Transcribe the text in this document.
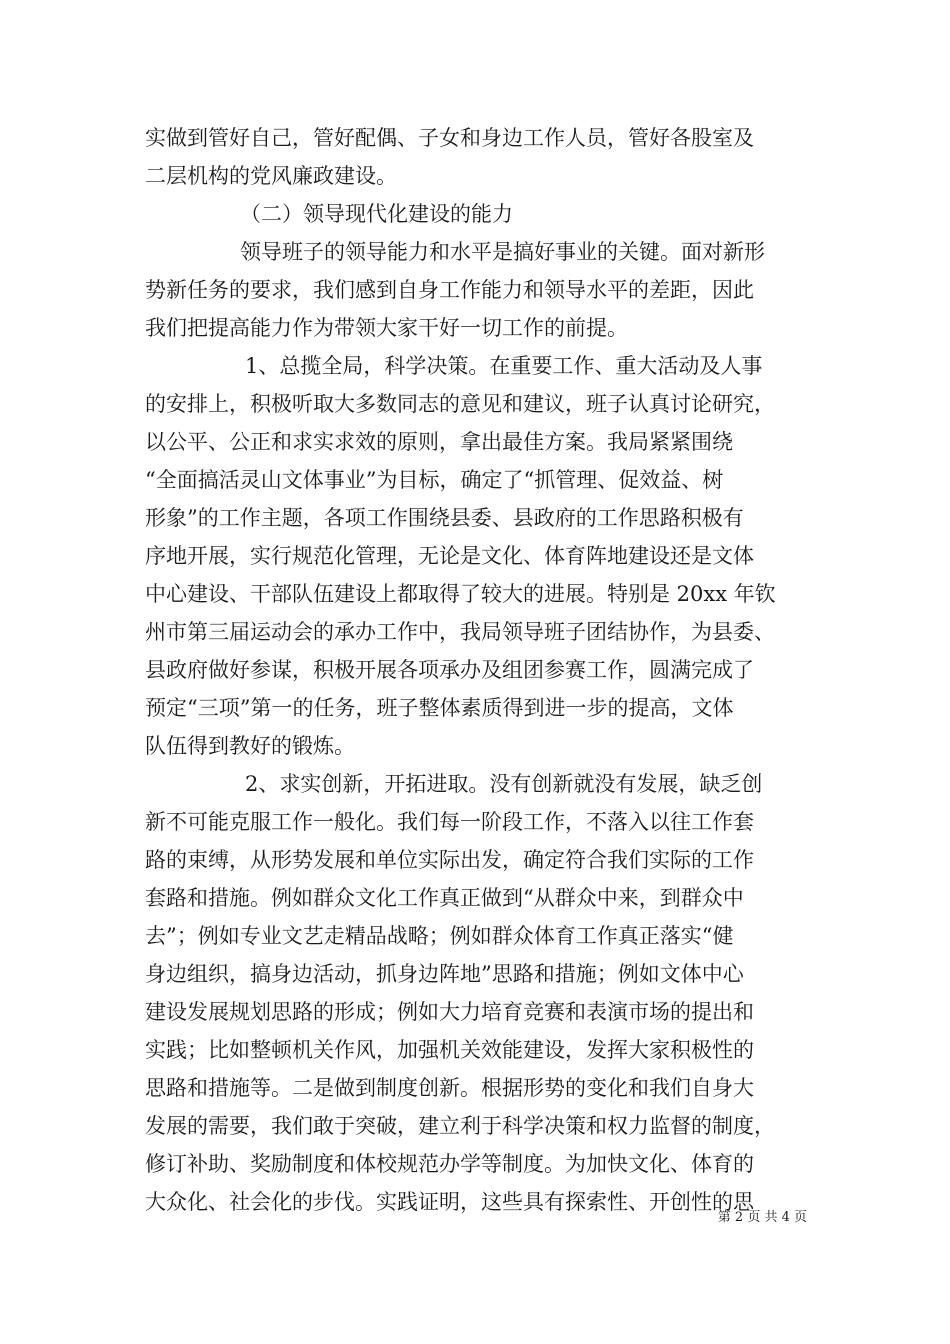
实做到管好自己，管好配偶、子女和身边工作人员，管好各股室及
二层机构的党风廉政建设。
（二）领导现代化建设的能力
领导班子的领导能力和水平是搞好事业的关键。面对新形
势新任务的要求，我们感到自身工作能力和领导水平的差距，因此
我们把提高能力作为带领大家干好一切工作的前提。
1、总揽全局，科学决策。在重要工作、重大活动及人事
的安排上，积极听取大多数同志的意见和建议，班子认真讨论研究，
以公平、公正和求实求效的原则，拿出最佳方案。我局紧紧围绕
“全面搞活灵山文体事业”为目标，确定了“抓管理、促效益、树
形象”的工作主题，各项工作围绕县委、县政府的工作思路积极有
序地开展，实行规范化管理，无论是文化、体育阵地建设还是文体
中心建设、干部队伍建设上都取得了较大的进展。特别是 20xx 年钦
州市第三届运动会的承办工作中，我局领导班子团结协作，为县委、
县政府做好参谋，积极开展各项承办及组团参赛工作，圆满完成了
预定“三项”第一的任务，班子整体素质得到进一步的提高，文体
队伍得到教好的锻炼。
2、求实创新，开拓进取。没有创新就没有发展，缺乏创
新不可能克服工作一般化。我们每一阶段工作，不落入以往工作套
路的束缚，从形势发展和单位实际出发，确定符合我们实际的工作
套路和措施。例如群众文化工作真正做到“从群众中来，到群众中
去”；例如专业文艺走精品战略；例如群众体育工作真正落实“健
身边组织，搞身边活动，抓身边阵地”思路和措施；例如文体中心
建设发展规划思路的形成；例如大力培育竞赛和表演市场的提出和
实践；比如整顿机关作风，加强机关效能建设，发挥大家积极性的
思路和措施等。二是做到制度创新。根据形势的变化和我们自身大
发展的需要，我们敢于突破，建立利于科学决策和权力监督的制度，
修订补助、奖励制度和体校规范办学等制度。为加快文化、体育的
大众化、社会化的步伐。实践证明，这些具有探索性、开创性的思
第 2 页 共 4 页
